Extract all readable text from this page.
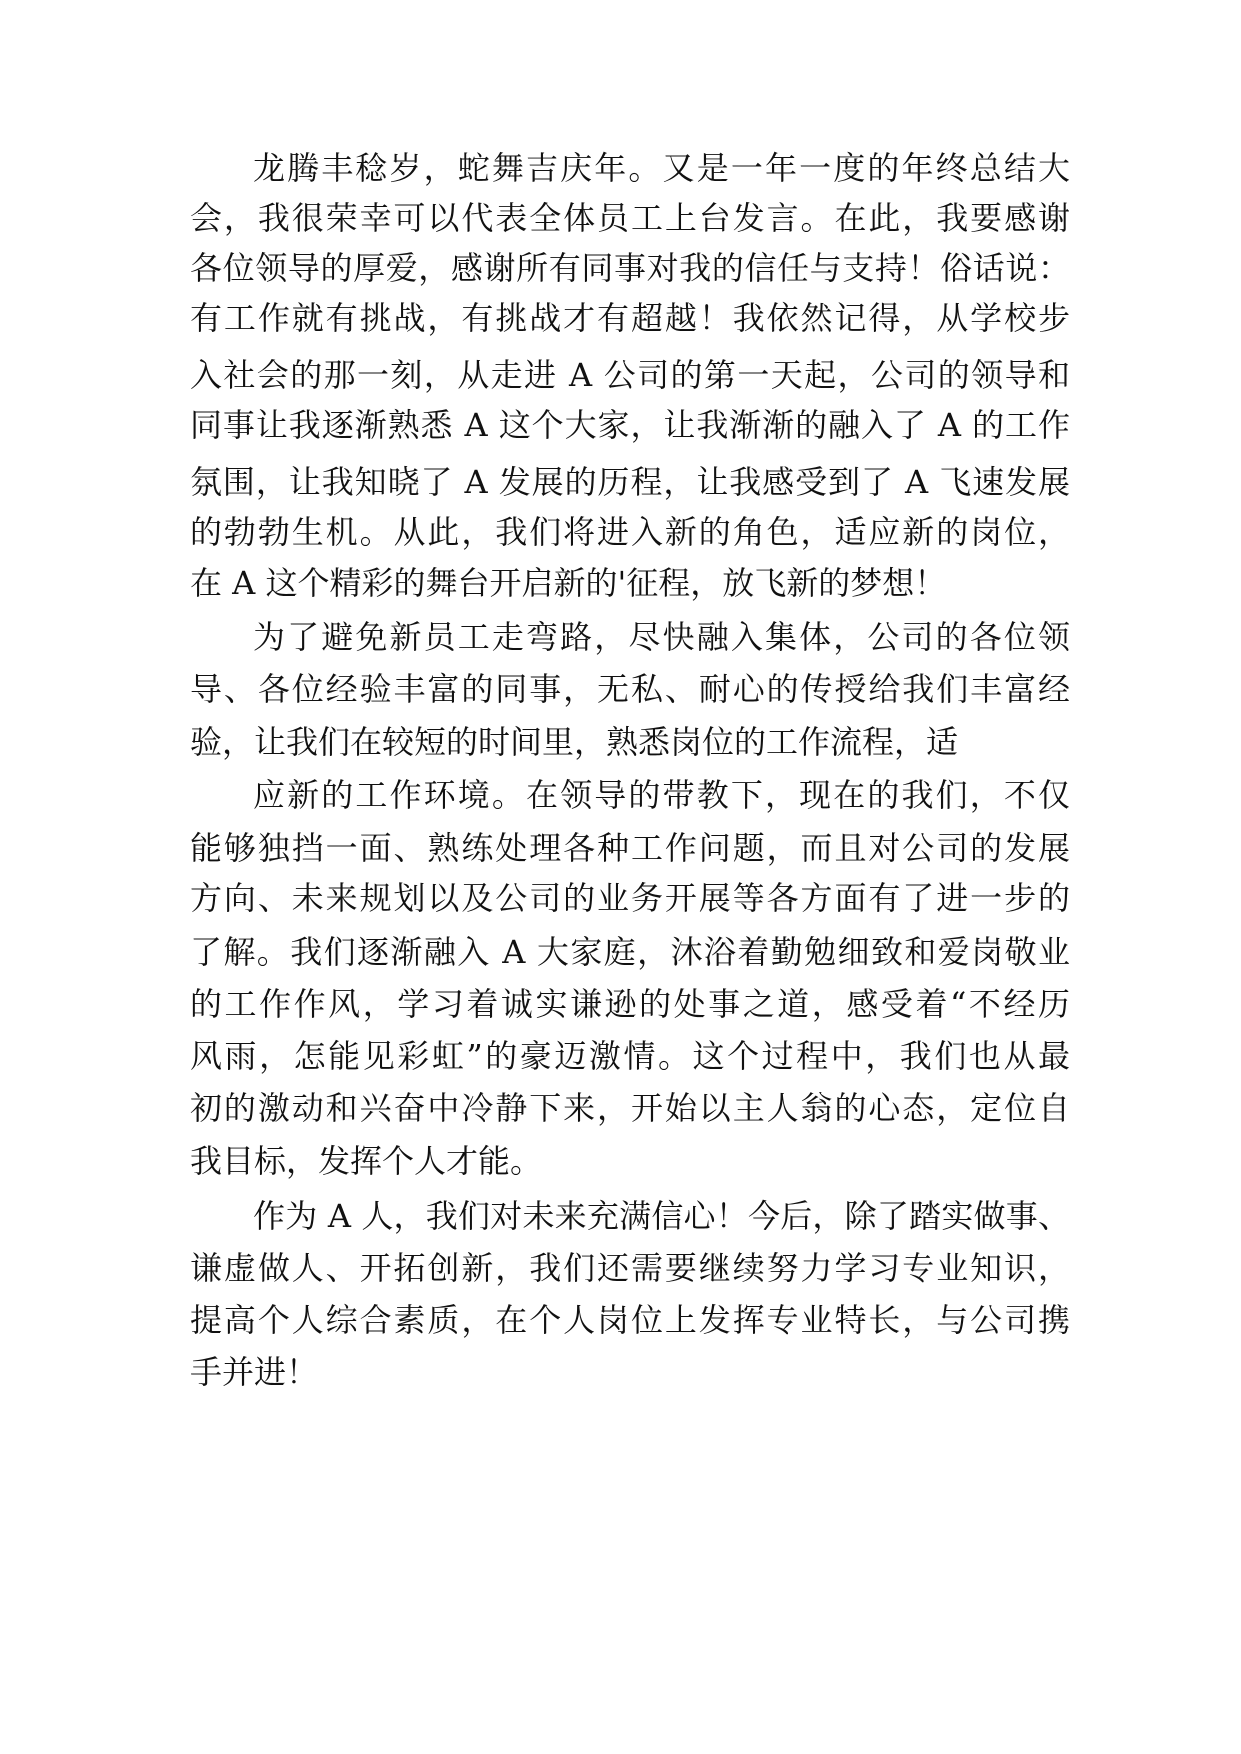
龙腾丰稔岁，蛇舞吉庆年。又是一年一度的年终总结大

会，我很荣幸可以代表全体员工上台发言。在此，我要感谢

各位领导的厚爱，感谢所有同事对我的信任与支持！俗话说：

有工作就有挑战，有挑战才有超越！我依然记得，从学校步

入社会的那一刻，从走进 A 公司的第一天起，公司的领导和

同事让我逐渐熟悉 A 这个大家，让我渐渐的融入了 A 的工作

氛围，让我知晓了 A 发展的历程，让我感受到了 A 飞速发展

的勃勃生机。从此，我们将进入新的角色，适应新的岗位，

在 A 这个精彩的舞台开启新的'征程，放飞新的梦想！

为了避免新员工走弯路，尽快融入集体，公司的各位领

导、各位经验丰富的同事，无私、耐心的传授给我们丰富经

验，让我们在较短的时间里，熟悉岗位的工作流程，适

应新的工作环境。在领导的带教下，现在的我们，不仅

能够独挡一面、熟练处理各种工作问题，而且对公司的发展

方向、未来规划以及公司的业务开展等各方面有了进一步的

了解。我们逐渐融入 A 大家庭，沐浴着勤勉细致和爱岗敬业

的工作作风，学习着诚实谦逊的处事之道，感受着“不经历

风雨，怎能见彩虹”的豪迈激情。这个过程中，我们也从最

初的激动和兴奋中冷静下来，开始以主人翁的心态，定位自

我目标，发挥个人才能。

作为 A 人，我们对未来充满信心！今后，除了踏实做事、

谦虚做人、开拓创新，我们还需要继续努力学习专业知识，

提高个人综合素质，在个人岗位上发挥专业特长，与公司携

手并进！
